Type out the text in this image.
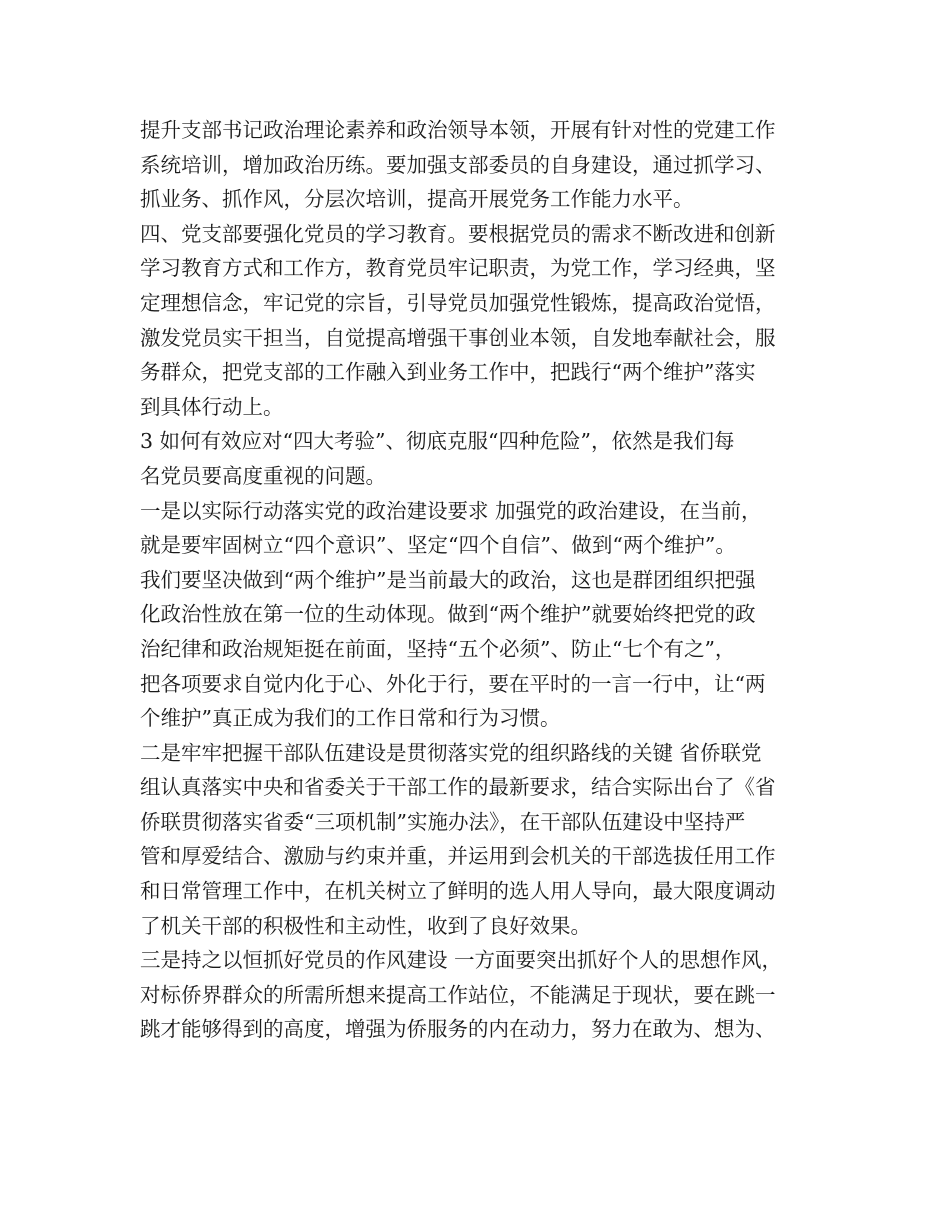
提升支部书记政治理论素养和政治领导本领，开展有针对性的党建工作
系统培训，增加政治历练。要加强支部委员的自身建设，通过抓学习、
抓业务、抓作风，分层次培训，提高开展党务工作能力水平。
四、党支部要强化党员的学习教育。要根据党员的需求不断改进和创新
学习教育方式和工作方，教育党员牢记职责，为党工作，学习经典，坚
定理想信念，牢记党的宗旨，引导党员加强党性锻炼，提高政治觉悟，
激发党员实干担当，自觉提高增强干事创业本领，自发地奉献社会，服
务群众，把党支部的工作融入到业务工作中，把践行“两个维护”落实
到具体行动上。
3 如何有效应对“四大考验”、彻底克服“四种危险”，依然是我们每
名党员要高度重视的问题。
一是以实际行动落实党的政治建设要求 加强党的政治建设，在当前，
就是要牢固树立“四个意识”、坚定“四个自信”、做到“两个维护”。
我们要坚决做到“两个维护”是当前最大的政治，这也是群团组织把强
化政治性放在第一位的生动体现。做到“两个维护”就要始终把党的政
治纪律和政治规矩挺在前面，坚持“五个必须”、防止“七个有之”，
把各项要求自觉内化于心、外化于行，要在平时的一言一行中，让“两
个维护”真正成为我们的工作日常和行为习惯。
二是牢牢把握干部队伍建设是贯彻落实党的组织路线的关键 省侨联党
组认真落实中央和省委关于干部工作的最新要求，结合实际出台了《省
侨联贯彻落实省委“三项机制”实施办法》，在干部队伍建设中坚持严
管和厚爱结合、激励与约束并重，并运用到会机关的干部选拔任用工作
和日常管理工作中，在机关树立了鲜明的选人用人导向，最大限度调动
了机关干部的积极性和主动性，收到了良好效果。
三是持之以恒抓好党员的作风建设 一方面要突出抓好个人的思想作风，
对标侨界群众的所需所想来提高工作站位，不能满足于现状，要在跳一
跳才能够得到的高度，增强为侨服务的内在动力，努力在敢为、想为、
